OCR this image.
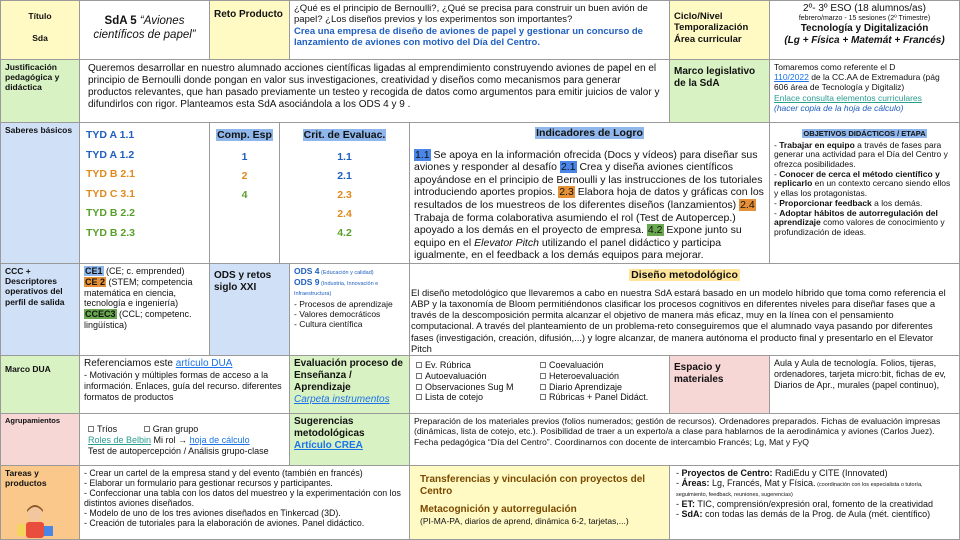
Título
Sda
SdA 5 “Aviones científicos de papel”
Reto Producto
¿Qué es el principio de Bernoulli?, ¿Qué se precisa para construir un buen avión de papel? ¿Los diseños previos y los experimentos son importantes?
Crea una empresa de diseño de aviones de papel y gestionar un concurso de lanzamiento de aviones con motivo del Día del Centro.
Ciclo/Nivel Temporalización Área curricular
2º- 3º ESO (18 alumnos/as)
febrero/marzo - 15 sesiones (2º Trimestre)
Tecnología y Digitalización
(Lg + Física + Matemát + Francés)
Justificación pedagógica y didáctica
Queremos desarrollar en nuestro alumnado acciones científicas ligadas al emprendimiento construyendo aviones de papel en el principio de Bernoulli donde pongan en valor sus investigaciones, creatividad y diseños como mecanismos para generar productos relevantes, que han pasado previamente un testeo y recogida de datos como argumentos para emitir juicios de valor y difundirlos con rigor. Planteamos esta SdA asociándola a los ODS 4 y 9 .
Marco legislativo de la SdA
Tomaremos como referente el D
110/2022 de la CC.AA de Extremadura (pág 606 área de Tecnología y Digitaliz)
Enlace consulta elementos curriculares
(hacer copia de la hoja de cálculo)
Saberes básicos TYD A 1.1
TYD A 1.2
TYD B 2.1
TYD C 3.1
TYD B 2.2
TYD B 2.3
Comp. Esp
1
2
4
Crit. de Evaluac.
1.1
2.1
2.3
2.4
4.2
Indicadores de Logro
1.1 Se apoya en la información ofrecida (Docs y vídeos) para diseñar sus aviones y responder al desafío 2.1 Crea y diseña aviones científicos apoyándose en el principio de Bernoulli y las instrucciones de los tutoriales introduciendo aportes propios. 2.3 Elabora hoja de datos y gráficas con los resultados de los muestreos de los diferentes diseños (lanzamientos) 2.4 Trabaja de forma colaborativa asumiendo el rol (Test de Autopercep.) apoyado a los demás en el proyecto de empresa. 4.2 Expone junto su equipo en el Elevator Pitch utilizando el panel didáctico y participa igualmente, en el feedback a los demás equipos para mejorar.
OBJETIVOS DIDÁCTICOS / ETAPA
- Trabajar en equipo a través de fases para generar una actividad para el Día del Centro y ofrezca posibilidades.
- Conocer de cerca el método científico y replicarlo en un contexto cercano siendo ellos y ellas los protagonistas.
- Proporcionar feedback a los demás.
- Adoptar hábitos de autorregulación del aprendizaje como valores de conocimiento y profundización de ideas.
CCC + Descriptores operativos del perfil de salida
CE1 (CE; c. emprended)
CE 2 (STEM; competencia matemática en ciencia, tecnología e ingeniería)
CCEC3 (CCL; competenc. lingüística)
ODS y retos siglo XXI
ODS 4 (Educación y calidad)
ODS 9 (Industria, Innovación e Infraestructura)
- Procesos de aprendizaje
- Valores democráticos
- Cultura científica
Diseño metodológico
El diseño metodológico que llevaremos a cabo en nuestra SdA estará basado en un modelo híbrido que toma como referencia el ABP y la taxonomía de Bloom permitiéndonos clasificar los procesos cognitivos en diferentes niveles para diseñar fases que a través de la descomposición permita alcanzar el objetivo de manera más eficaz, muy en la línea con el pensamiento computacional. A través del planteamiento de un problema-reto conseguiremos que el alumnado vaya pasando por diferentes fases (investigación, creación, difusión,...) y logre alcanzar, de manera autónoma el producto final y presentarlo en el Elevator Pitch
Marco DUA	Referenciamos este artículo DUA
- Motivación y múltiples formas de acceso a la información. Enlaces, guía del recurso. diferentes formatos de productos
Evaluación proceso de Enseñanza / Aprendizaje
Carpeta instrumentos
Ev. Rúbrica
Autoevaluación
Observaciones Sug M
Lista de cotejo
Coevaluación
Heteroevaluación
Diario Aprendizaje
Rúbricas + Panel Didáct.
Espacio y materiales
Aula y Aula de tecnología. Folios, tijeras, ordenadores, tarjeta micro:bit, fichas de ev, Diarios de Apr., murales (papel continuo),
Agrupamientos
Tríos	Gran grupo
Roles de Belbin Mi rol → hoja de cálculo
Test de autopercepción / Análisis grupo-clase
Sugerencias metodológicas
Artículo CREA
Preparación de los materiales previos (folios numerados; gestión de recursos). Ordenadores preparados. Fichas de evaluación impresas (dinámicas, lista de cotejo, etc.). Posibilidad de traer a un experto/a a clase para hablarnos de la aerodinámica y aviones (Carlos Juez). Fecha pedagógica “Día del Centro”. Coordinarnos con docente de intercambio Francés; Lg, Mat y FyQ
Tareas y productos
- Crear un cartel de la empresa stand y del evento (también en francés)
- Elaborar un formulario para gestionar recursos y participantes.
- Confeccionar una tabla con los datos del muestreo y la experimentación con los distintos aviones diseñados.
- Modelo de uno de los tres aviones diseñados en Tinkercad (3D).
- Creación de tutoriales para la elaboración de aviones. Panel didáctico.
Transferencias y vinculación con proyectos del Centro
Metacognición y autorregulación
(PI-MA-PA, diarios de aprend, dinámica 6-2, tarjetas,...)
- Proyectos de Centro: RadiEdu y CITE (Innovated)
- Áreas: Lg, Francés, Mat y Física. (coordinación con los especialista o tutoría, seguimiento, feedback, reuniones, sugerencias)
- ET: TIC, comprensión/expresión oral, fomento de la creatividad
- SdA: con todas las demás de la Prog. de Aula (mét. científico)
